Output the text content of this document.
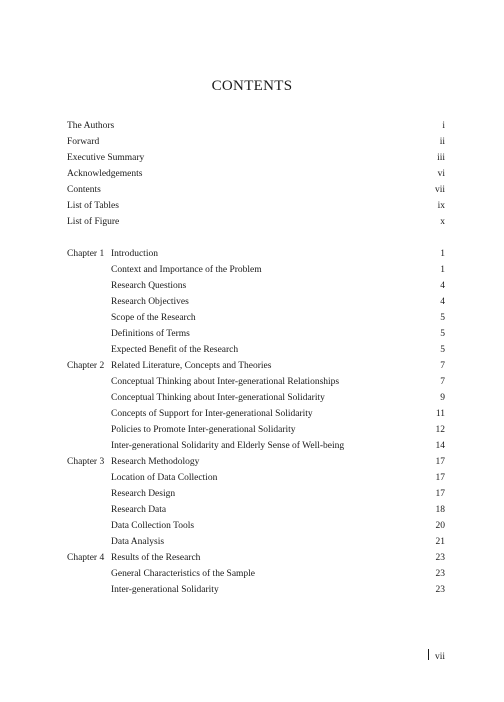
CONTENTS
The Authors	i
Forward	ii
Executive Summary	iii
Acknowledgements	vi
Contents	vii
List of Tables	ix
List of Figure	x
Chapter 1 Introduction	1
Context and Importance of the Problem	1
Research Questions	4
Research Objectives	4
Scope of the Research	5
Definitions of Terms	5
Expected Benefit of the Research	5
Chapter 2 Related Literature, Concepts and Theories	7
Conceptual Thinking about Inter-generational Relationships	7
Conceptual Thinking about Inter-generational Solidarity	9
Concepts of Support for Inter-generational Solidarity	11
Policies to Promote Inter-generational Solidarity	12
Inter-generational Solidarity and Elderly Sense of Well-being	14
Chapter 3 Research Methodology	17
Location of Data Collection	17
Research Design	17
Research Data	18
Data Collection Tools	20
Data Analysis	21
Chapter 4 Results of the Research	23
General Characteristics of the Sample	23
Inter-generational Solidarity	23
vii
